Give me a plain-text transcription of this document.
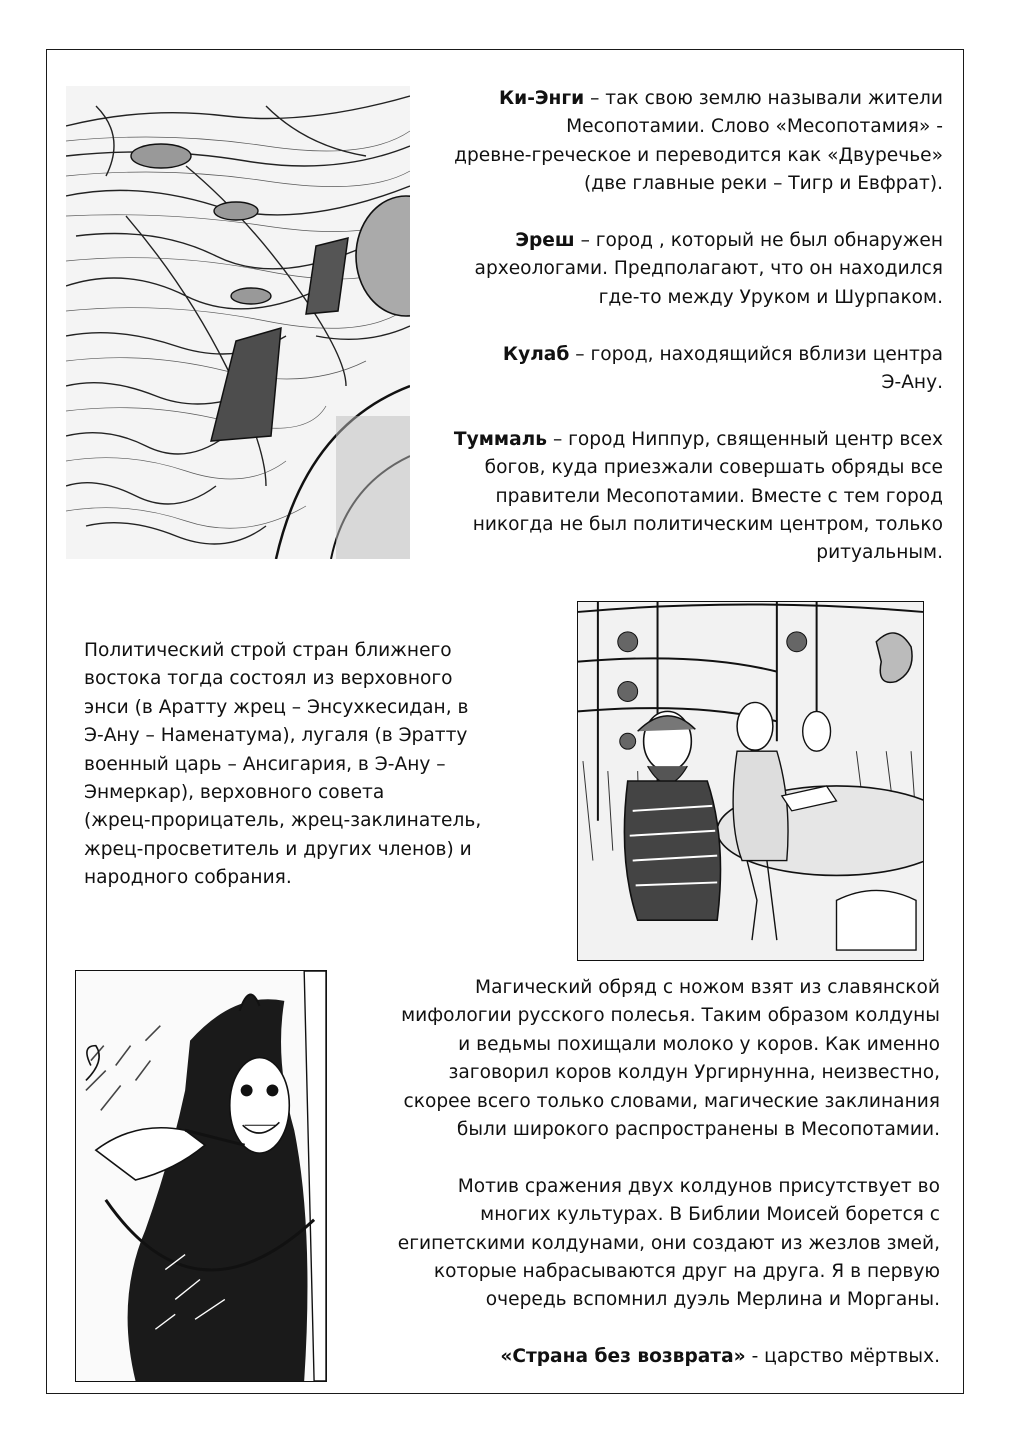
Ки-Энги – так свою землю называли жители

Месопотамии. Слово «Месопотамия» -

древне-греческое и переводится как «Двуречье»

(две главные реки – Тигр и Евфрат).

Эреш – город , который не был обнаружен

археологами. Предполагают, что он находился

где-то между Уруком и Шурпаком.

Кулаб – город, находящийся вблизи центра

Э-Ану.

Туммаль – город Ниппур, священный центр всех

богов, куда приезжали совершать обряды все

правители Месопотамии. Вместе с тем город

никогда не был политическим центром, только

ритуальным.

Политический строй стран ближнего

востока тогда состоял из верховного

энси (в Аратту жрец – Энсухкесидан, в

Э-Ану – Наменатума), лугаля (в Эратту

военный царь – Ансигария, в Э-Ану –

Энмеркар), верховного совета

(жрец-прорицатель, жрец-заклинатель,

жрец-просветитель и других членов) и

народного собрания.

Магический обряд с ножом взят из славянской

мифологии русского полесья. Таким образом колдуны

и ведьмы похищали молоко у коров. Как именно

заговорил коров колдун Ургирнунна, неизвестно,

скорее всего только словами, магические заклинания

были широкого распространены в Месопотамии.

Мотив сражения двух колдунов присутствует во

многих культурах. В Библии Моисей борется с

египетскими колдунами, они создают из жезлов змей,

которые набрасываются друг на друга. Я в первую

очередь вспомнил дуэль Мерлина и Морганы.

«Страна без возврата» - царство мёртвых.
